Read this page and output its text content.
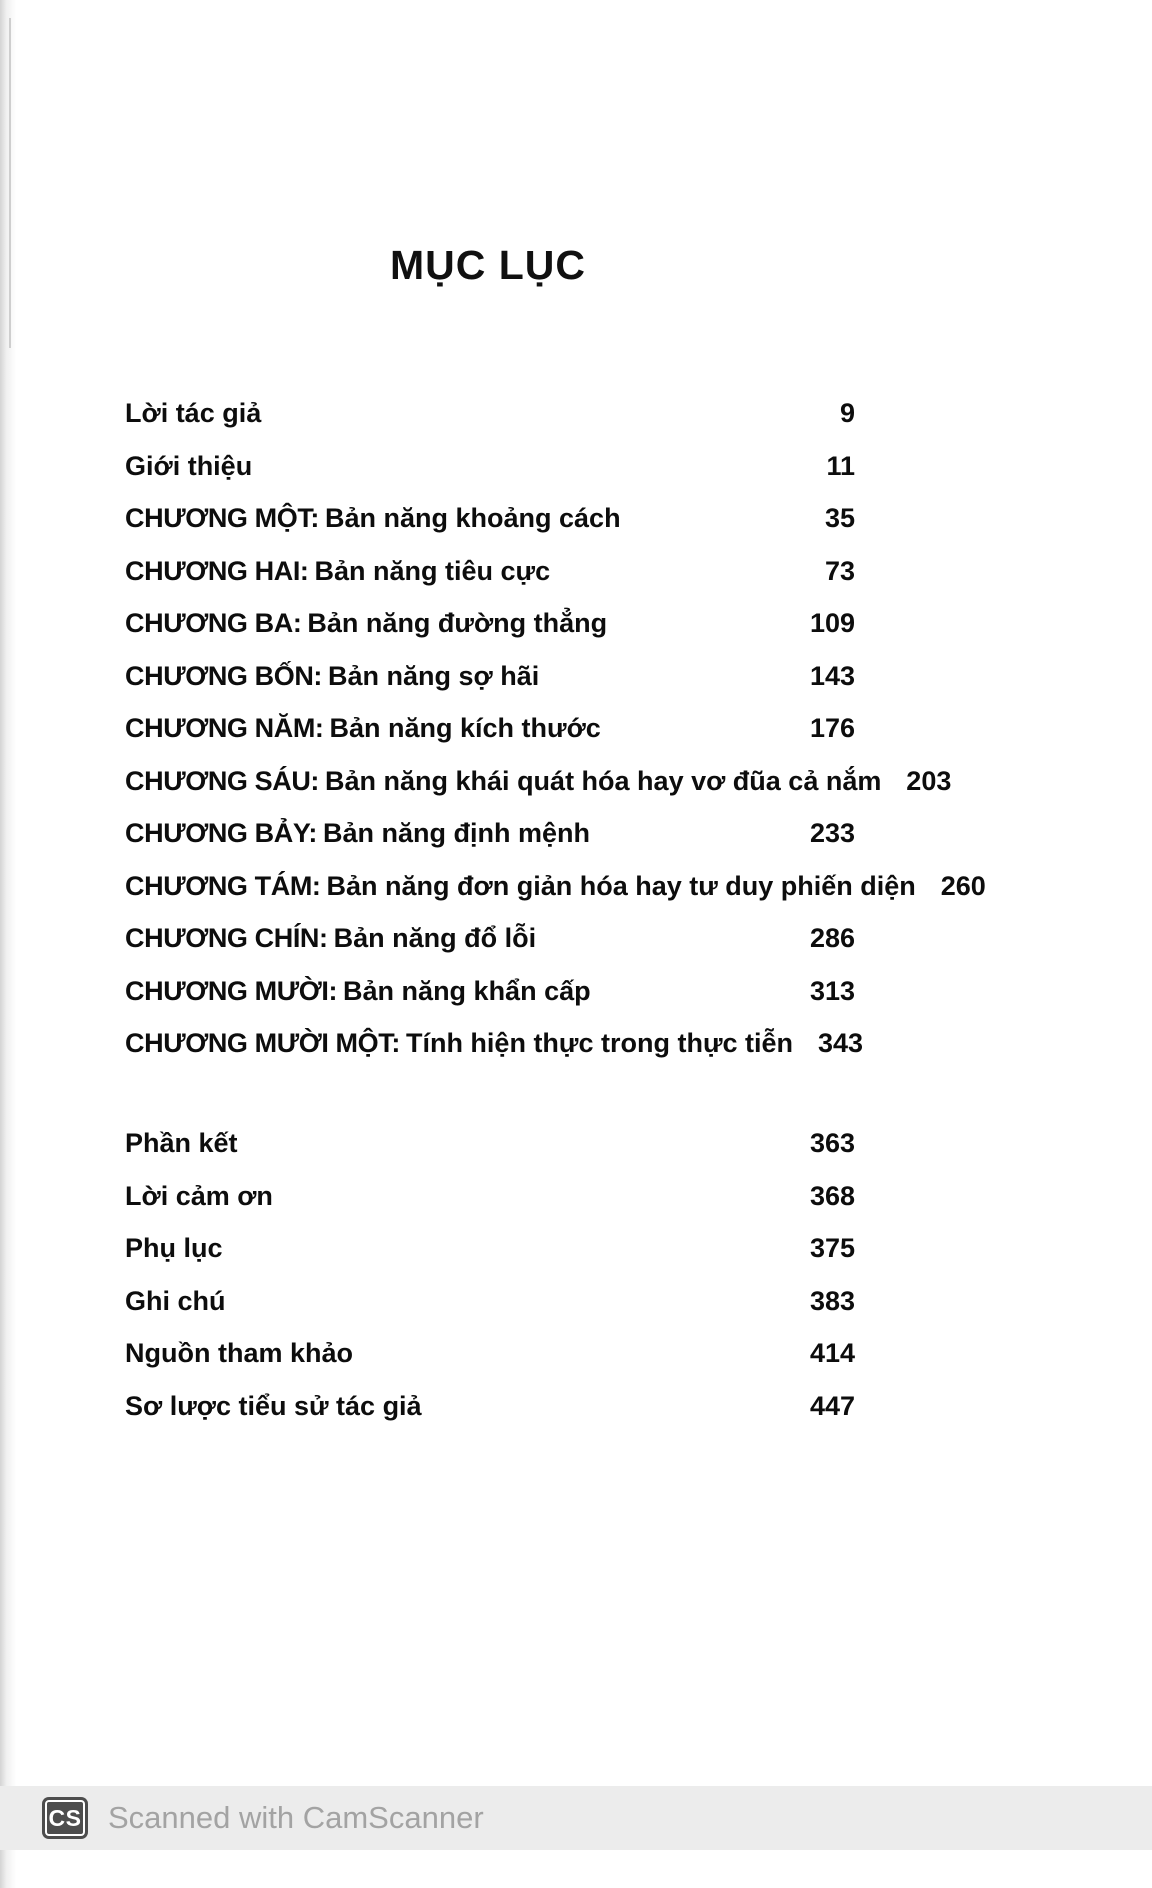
MỤC LỤC
Lời tác giả	9
Giới thiệu	11
CHƯƠNG MỘT: Bản năng khoảng cách	35
CHƯƠNG HAI: Bản năng tiêu cực	73
CHƯƠNG BA: Bản năng đường thẳng	109
CHƯƠNG BỐN: Bản năng sợ hãi	143
CHƯƠNG NĂM: Bản năng kích thước	176
CHƯƠNG SÁU: Bản năng khái quát hóa hay vơ đũa cả nắm 203
CHƯƠNG BẢY: Bản năng định mệnh	233
CHƯƠNG TÁM: Bản năng đơn giản hóa hay tư duy phiến diện 260
CHƯƠNG CHÍN: Bản năng đổ lỗi	286
CHƯƠNG MƯỜI: Bản năng khẩn cấp	313
CHƯƠNG MƯỜI MỘT: Tính hiện thực trong thực tiễn 343
Phần kết	363
Lời cảm ơn	368
Phụ lục	375
Ghi chú	383
Nguồn tham khảo	414
Sơ lược tiểu sử tác giả	447
CS Scanned with CamScanner
